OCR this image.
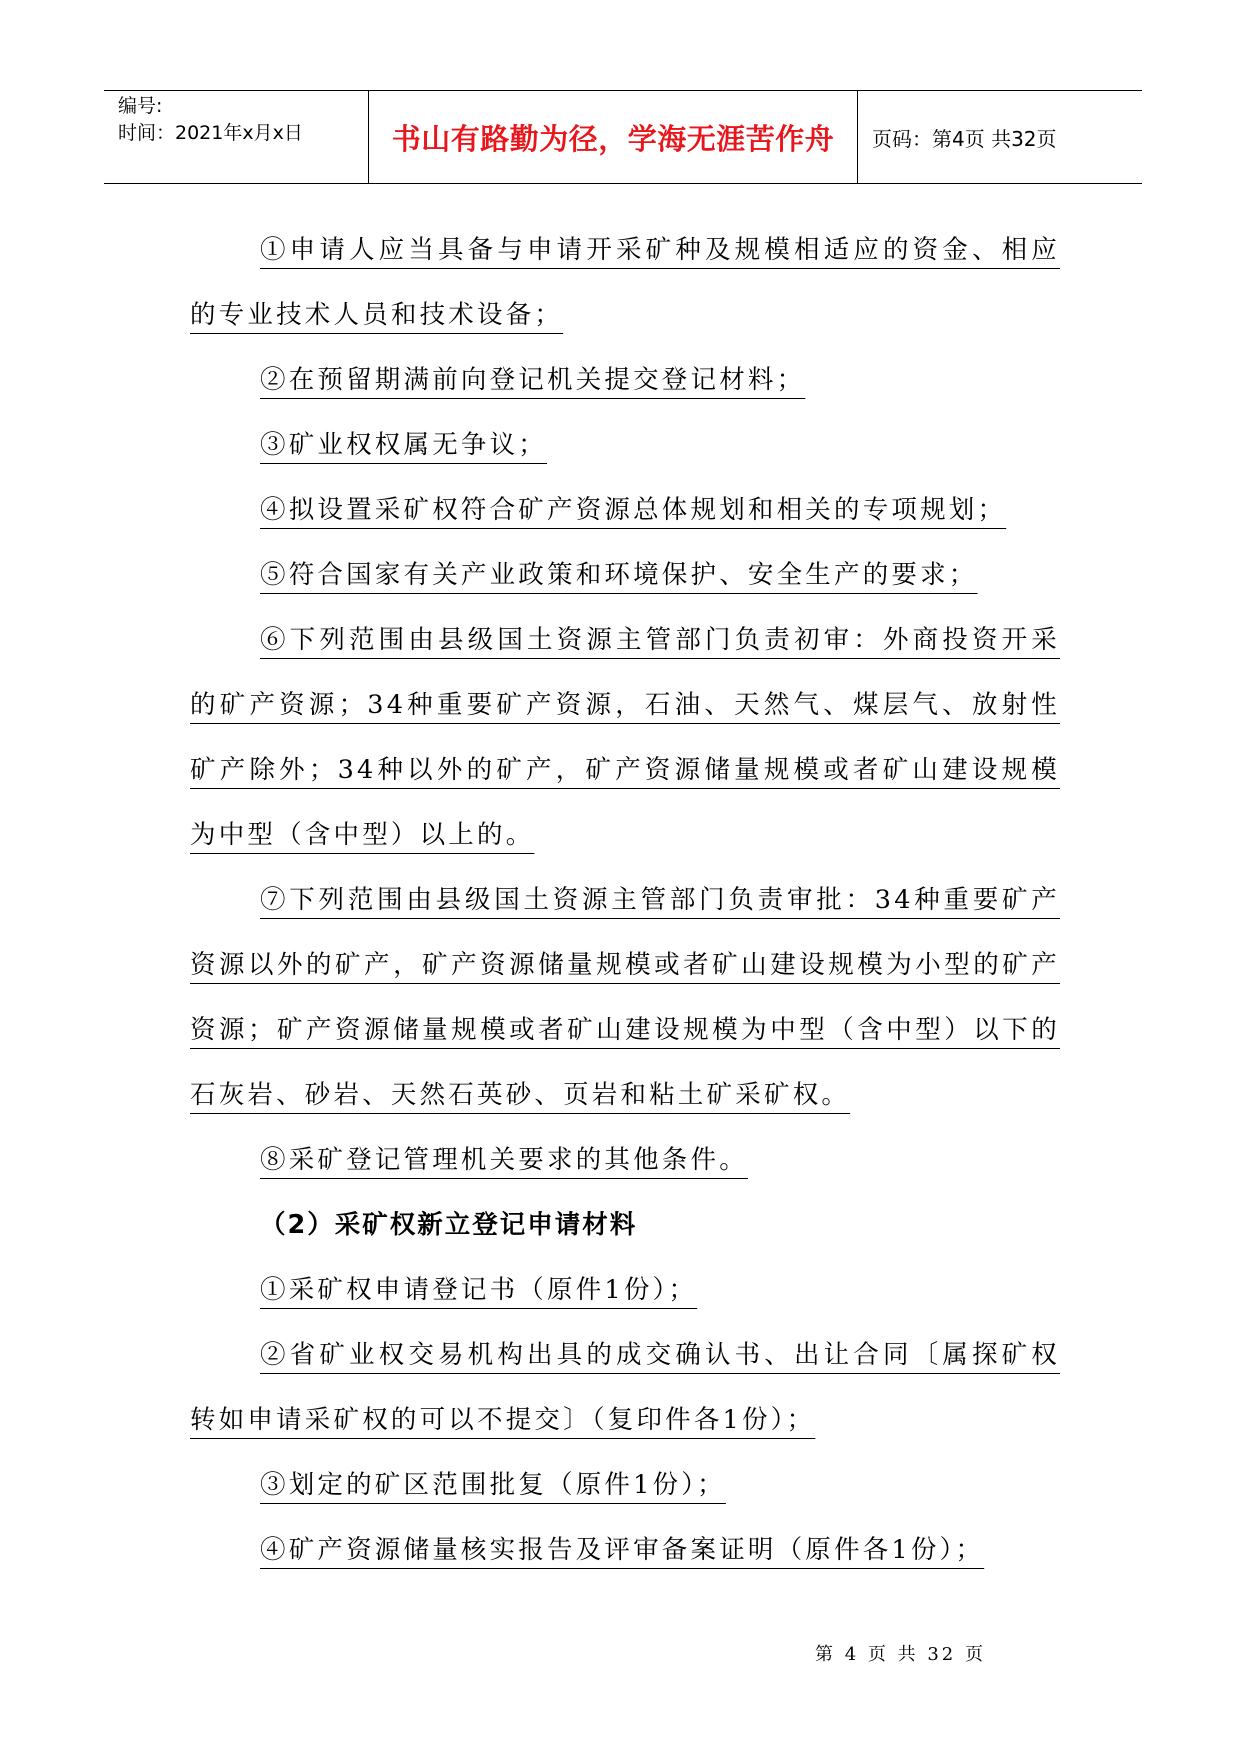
编号:
时间：2021年x月x日	书山有路勤为径，学海无涯苦作舟 页码：第4页 共32页

①申请人应当具备与申请开采矿种及规模相适应的资金、相应的专业技术人员和技术设备；

②在预留期满前向登记机关提交登记材料；

③矿业权权属无争议；

④拟设置采矿权符合矿产资源总体规划和相关的专项规划；

⑤符合国家有关产业政策和环境保护、安全生产的要求；

⑥下列范围由县级国土资源主管部门负责初审：外商投资开采的矿产资源；34种重要矿产资源，石油、天然气、煤层气、放射性矿产除外；34种以外的矿产，矿产资源储量规模或者矿山建设规模为中型（含中型）以上的。

⑦下列范围由县级国土资源主管部门负责审批：34种重要矿产资源以外的矿产，矿产资源储量规模或者矿山建设规模为小型的矿产资源；矿产资源储量规模或者矿山建设规模为中型（含中型）以下的石灰岩、砂岩、天然石英砂、页岩和粘土矿采矿权。

⑧采矿登记管理机关要求的其他条件。

（2）采矿权新立登记申请材料

①采矿权申请登记书（原件1份）；

②省矿业权交易机构出具的成交确认书、出让合同〔属探矿权转如申请采矿权的可以不提交〕（复印件各1份）；

③划定的矿区范围批复（原件1份）；

④矿产资源储量核实报告及评审备案证明（原件各1份）；

第 4 页 共 32 页
